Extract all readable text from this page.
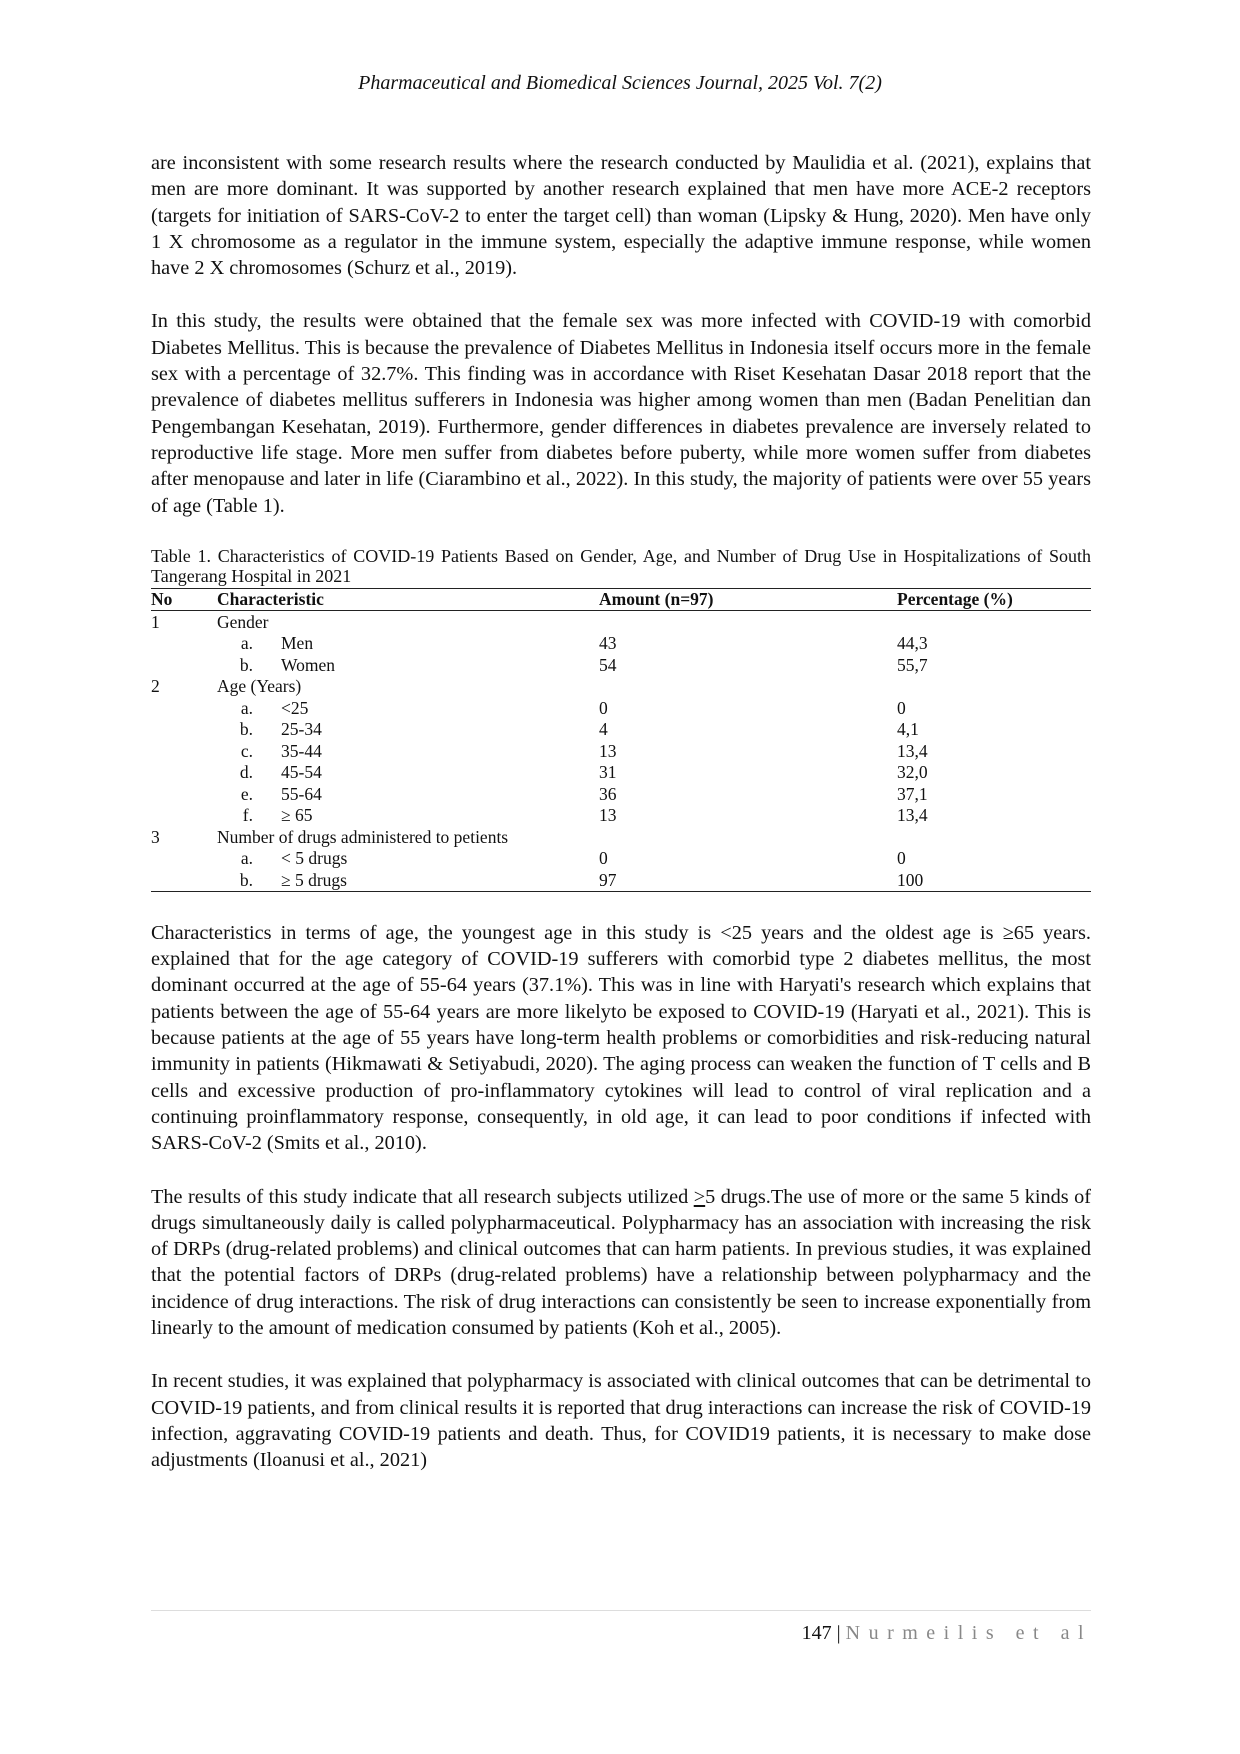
Pharmaceutical and Biomedical Sciences Journal, 2025 Vol. 7(2)

are inconsistent with some research results where the research conducted by Maulidia et al. (2021), explains that men are more dominant. It was supported by another research explained that men have more ACE-2 receptors (targets for initiation of SARS-CoV-2 to enter the target cell) than woman (Lipsky & Hung, 2020). Men have only 1 X chromosome as a regulator in the immune system, especially the adaptive immune response, while women have 2 X chromosomes (Schurz et al., 2019).

In this study, the results were obtained that the female sex was more infected with COVID-19 with comorbid Diabetes Mellitus. This is because the prevalence of Diabetes Mellitus in Indonesia itself occurs more in the female sex with a percentage of 32.7%. This finding was in accordance with Riset Kesehatan Dasar 2018 report that the prevalence of diabetes mellitus sufferers in Indonesia was higher among women than men (Badan Penelitian dan Pengembangan Kesehatan, 2019). Furthermore, gender differences in diabetes prevalence are inversely related to reproductive life stage. More men suffer from diabetes before puberty, while more women suffer from diabetes after menopause and later in life (Ciarambino et al., 2022). In this study, the majority of patients were over 55 years of age (Table 1).

Table 1. Characteristics of COVID-19 Patients Based on Gender, Age, and Number of Drug Use in Hospitalizations of South Tangerang Hospital in 2021
No	Characteristic	Amount (n=97)	Percentage (%)
1	Gender		
	a. Men	43	44,3
	b. Women	54	55,7
2	Age (Years)		
	a. <25	0	0
	b. 25-34	4	4,1
	c. 35-44	13	13,4
	d. 45-54	31	32,0
	e. 55-64	36	37,1
	f. ≥ 65	13	13,4
3	Number of drugs administered to petients		
	a. < 5 drugs	0	0
	b. ≥ 5 drugs	97	100

Characteristics in terms of age, the youngest age in this study is <25 years and the oldest age is ≥65 years. explained that for the age category of COVID-19 sufferers with comorbid type 2 diabetes mellitus, the most dominant occurred at the age of 55-64 years (37.1%). This was in line with Haryati's research which explains that patients between the age of 55-64 years are more likelyto be exposed to COVID-19 (Haryati et al., 2021). This is because patients at the age of 55 years have long-term health problems or comorbidities and risk-reducing natural immunity in patients (Hikmawati & Setiyabudi, 2020). The aging process can weaken the function of T cells and B cells and excessive production of pro-inflammatory cytokines will lead to control of viral replication and a continuing proinflammatory response, consequently, in old age, it can lead to poor conditions if infected with SARS-CoV-2 (Smits et al., 2010).

The results of this study indicate that all research subjects utilized >5 drugs.The use of more or the same 5 kinds of drugs simultaneously daily is called polypharmaceutical. Polypharmacy has an association with increasing the risk of DRPs (drug-related problems) and clinical outcomes that can harm patients. In previous studies, it was explained that the potential factors of DRPs (drug-related problems) have a relationship between polypharmacy and the incidence of drug interactions. The risk of drug interactions can consistently be seen to increase exponentially from linearly to the amount of medication consumed by patients (Koh et al., 2005).

In recent studies, it was explained that polypharmacy is associated with clinical outcomes that can be detrimental to COVID-19 patients, and from clinical results it is reported that drug interactions can increase the risk of COVID-19 infection, aggravating COVID-19 patients and death. Thus, for COVID19 patients, it is necessary to make dose adjustments (Iloanusi et al., 2021)

147 | Nurmeilis et al
